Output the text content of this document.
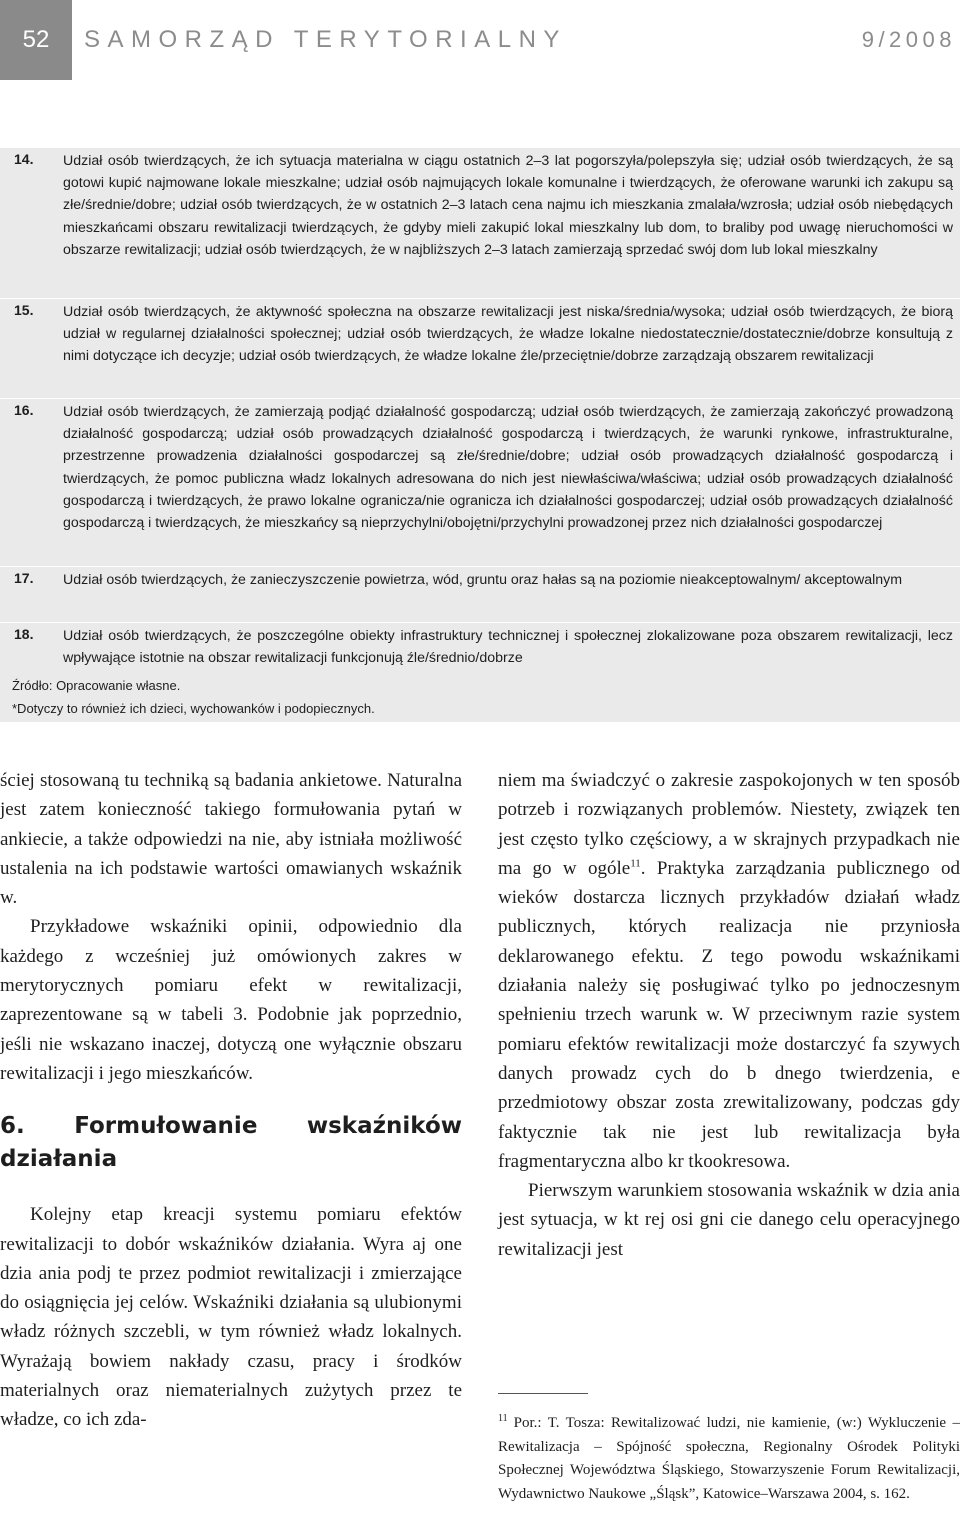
52	SAMORZĄD TERYTORIALNY	9/2008
14. Udział osób twierdzących, że ich sytuacja materialna w ciągu ostatnich 2–3 lat pogorszyła/polepszyła się; udział osób twierdzących, że są gotowi kupić najmowane lokale mieszkalne; udział osób najmujących lokale komunalne i twierdzących, że oferowane warunki ich zakupu są złe/średnie/dobre; udział osób twierdzących, że w ostatnich 2–3 latach cena najmu ich mieszkania zmalała/wzrosła; udział osób niebędących mieszkańcami obszaru rewitalizacji twierdzących, że gdyby mieli zakupić lokal mieszkalny lub dom, to braliby pod uwagę nieruchomości w obszarze rewitalizacji; udział osób twierdzących, że w najbliższych 2–3 latach zamierzają sprzedać swój dom lub lokal mieszkalny
15. Udział osób twierdzących, że aktywność społeczna na obszarze rewitalizacji jest niska/średnia/wysoka; udział osób twierdzących, że biorą udział w regularnej działalności społecznej; udział osób twierdzących, że władze lokalne niedostatecznie/dostatecznie/dobrze konsultują z nimi dotyczące ich decyzje; udział osób twierdzących, że władze lokalne źle/przeciętnie/dobrze zarządzają obszarem rewitalizacji
16. Udział osób twierdzących, że zamierzają podjąć działalność gospodarczą; udział osób twierdzących, że zamierzają zakończyć prowadzoną działalność gospodarczą; udział osób prowadzących działalność gospodarczą i twierdzących, że warunki rynkowe, infrastrukturalne, przestrzenne prowadzenia działalności gospodarczej są złe/średnie/dobre; udział osób prowadzących działalność gospodarczą i twierdzących, że pomoc publiczna władz lokalnych adresowana do nich jest niewłaściwa/właściwa; udział osób prowadzących działalność gospodarczą i twierdzących, że prawo lokalne ogranicza/nie ogranicza ich działalności gospodarczej; udział osób prowadzących działalność gospodarczą i twierdzących, że mieszkańcy są nieprzychylni/obojętni/przychylni prowadzonej przez nich działalności gospodarczej
17. Udział osób twierdzących, że zanieczyszczenie powietrza, wód, gruntu oraz hałas są na poziomie nieakceptowalnym/ akceptowalnym
18. Udział osób twierdzących, że poszczególne obiekty infrastruktury technicznej i społecznej zlokalizowane poza obszarem rewitalizacji, lecz wpływające istotnie na obszar rewitalizacji funkcjonują źle/średnio/dobrze
Źródło: Opracowanie własne.
*Dotyczy to również ich dzieci, wychowanków i podopiecznych.

ściej stosowaną tu techniką są badania ankietowe. Naturalna jest zatem konieczność takiego formułowania pytań w ankiecie, a także odpowiedzi na nie, aby istniała możliwość ustalenia na ich podstawie wartości omawianych wskaźnik w.

Przykładowe wskaźniki opinii, odpowiednio dla każdego z wcześniej już omówionych zakres w merytorycznych pomiaru efekt w rewitalizacji, zaprezentowane są w tabeli 3. Podobnie jak poprzednio, jeśli nie wskazano inaczej, dotyczą one wyłącznie obszaru rewitalizacji i jego mieszkańców.

6. Formułowanie wskaźników działania

Kolejny etap kreacji systemu pomiaru efektów rewitalizacji to dobór wskaźników działania. Wyra aj one dzia ania podj te przez podmiot rewitalizacji i zmierzające do osiągnięcia jej celów. Wskaźniki działania są ulubionymi władz różnych szczebli, w tym również władz lokalnych. Wyrażają bowiem nakłady czasu, pracy i środków materialnych oraz niematerialnych zużytych przez te władze, co ich zda-

niem ma świadczyć o zakresie zaspokojonych w ten sposób potrzeb i rozwiązanych problemów. Niestety, związek ten jest często tylko częściowy, a w skrajnych przypadkach nie ma go w ogóle$^{11}$. Praktyka zarządzania publicznego od wieków dostarcza licznych przykładów działań władz publicznych, których realizacja nie przyniosła deklarowanego efektu. Z tego powodu wskaźnikami działania należy się posługiwać tylko po jednoczesnym spełnieniu trzech warunk w. W przeciwnym razie system pomiaru efektów rewitalizacji może dostarczyć fa szywych danych prowadz cych do b dnego twierdzenia, e przedmiotowy obszar zosta zrewitalizowany, podczas gdy faktycznie tak nie jest lub rewitalizacja była fragmentaryczna albo kr tkookresowa.

Pierwszym warunkiem stosowania wskaźnik w dzia ania jest sytuacja, w kt rej osi gni cie danego celu operacyjnego rewitalizacji jest

$^{11}$ Por.: T. Tosza: Rewitalizować ludzi, nie kamienie, (w:) Wykluczenie – Rewitalizacja – Spójność społeczna, Regionalny Ośrodek Polityki Społecznej Województwa Śląskiego, Stowarzyszenie Forum Rewitalizacji, Wydawnictwo Naukowe „Śląsk”, Katowice–Warszawa 2004, s. 162.
